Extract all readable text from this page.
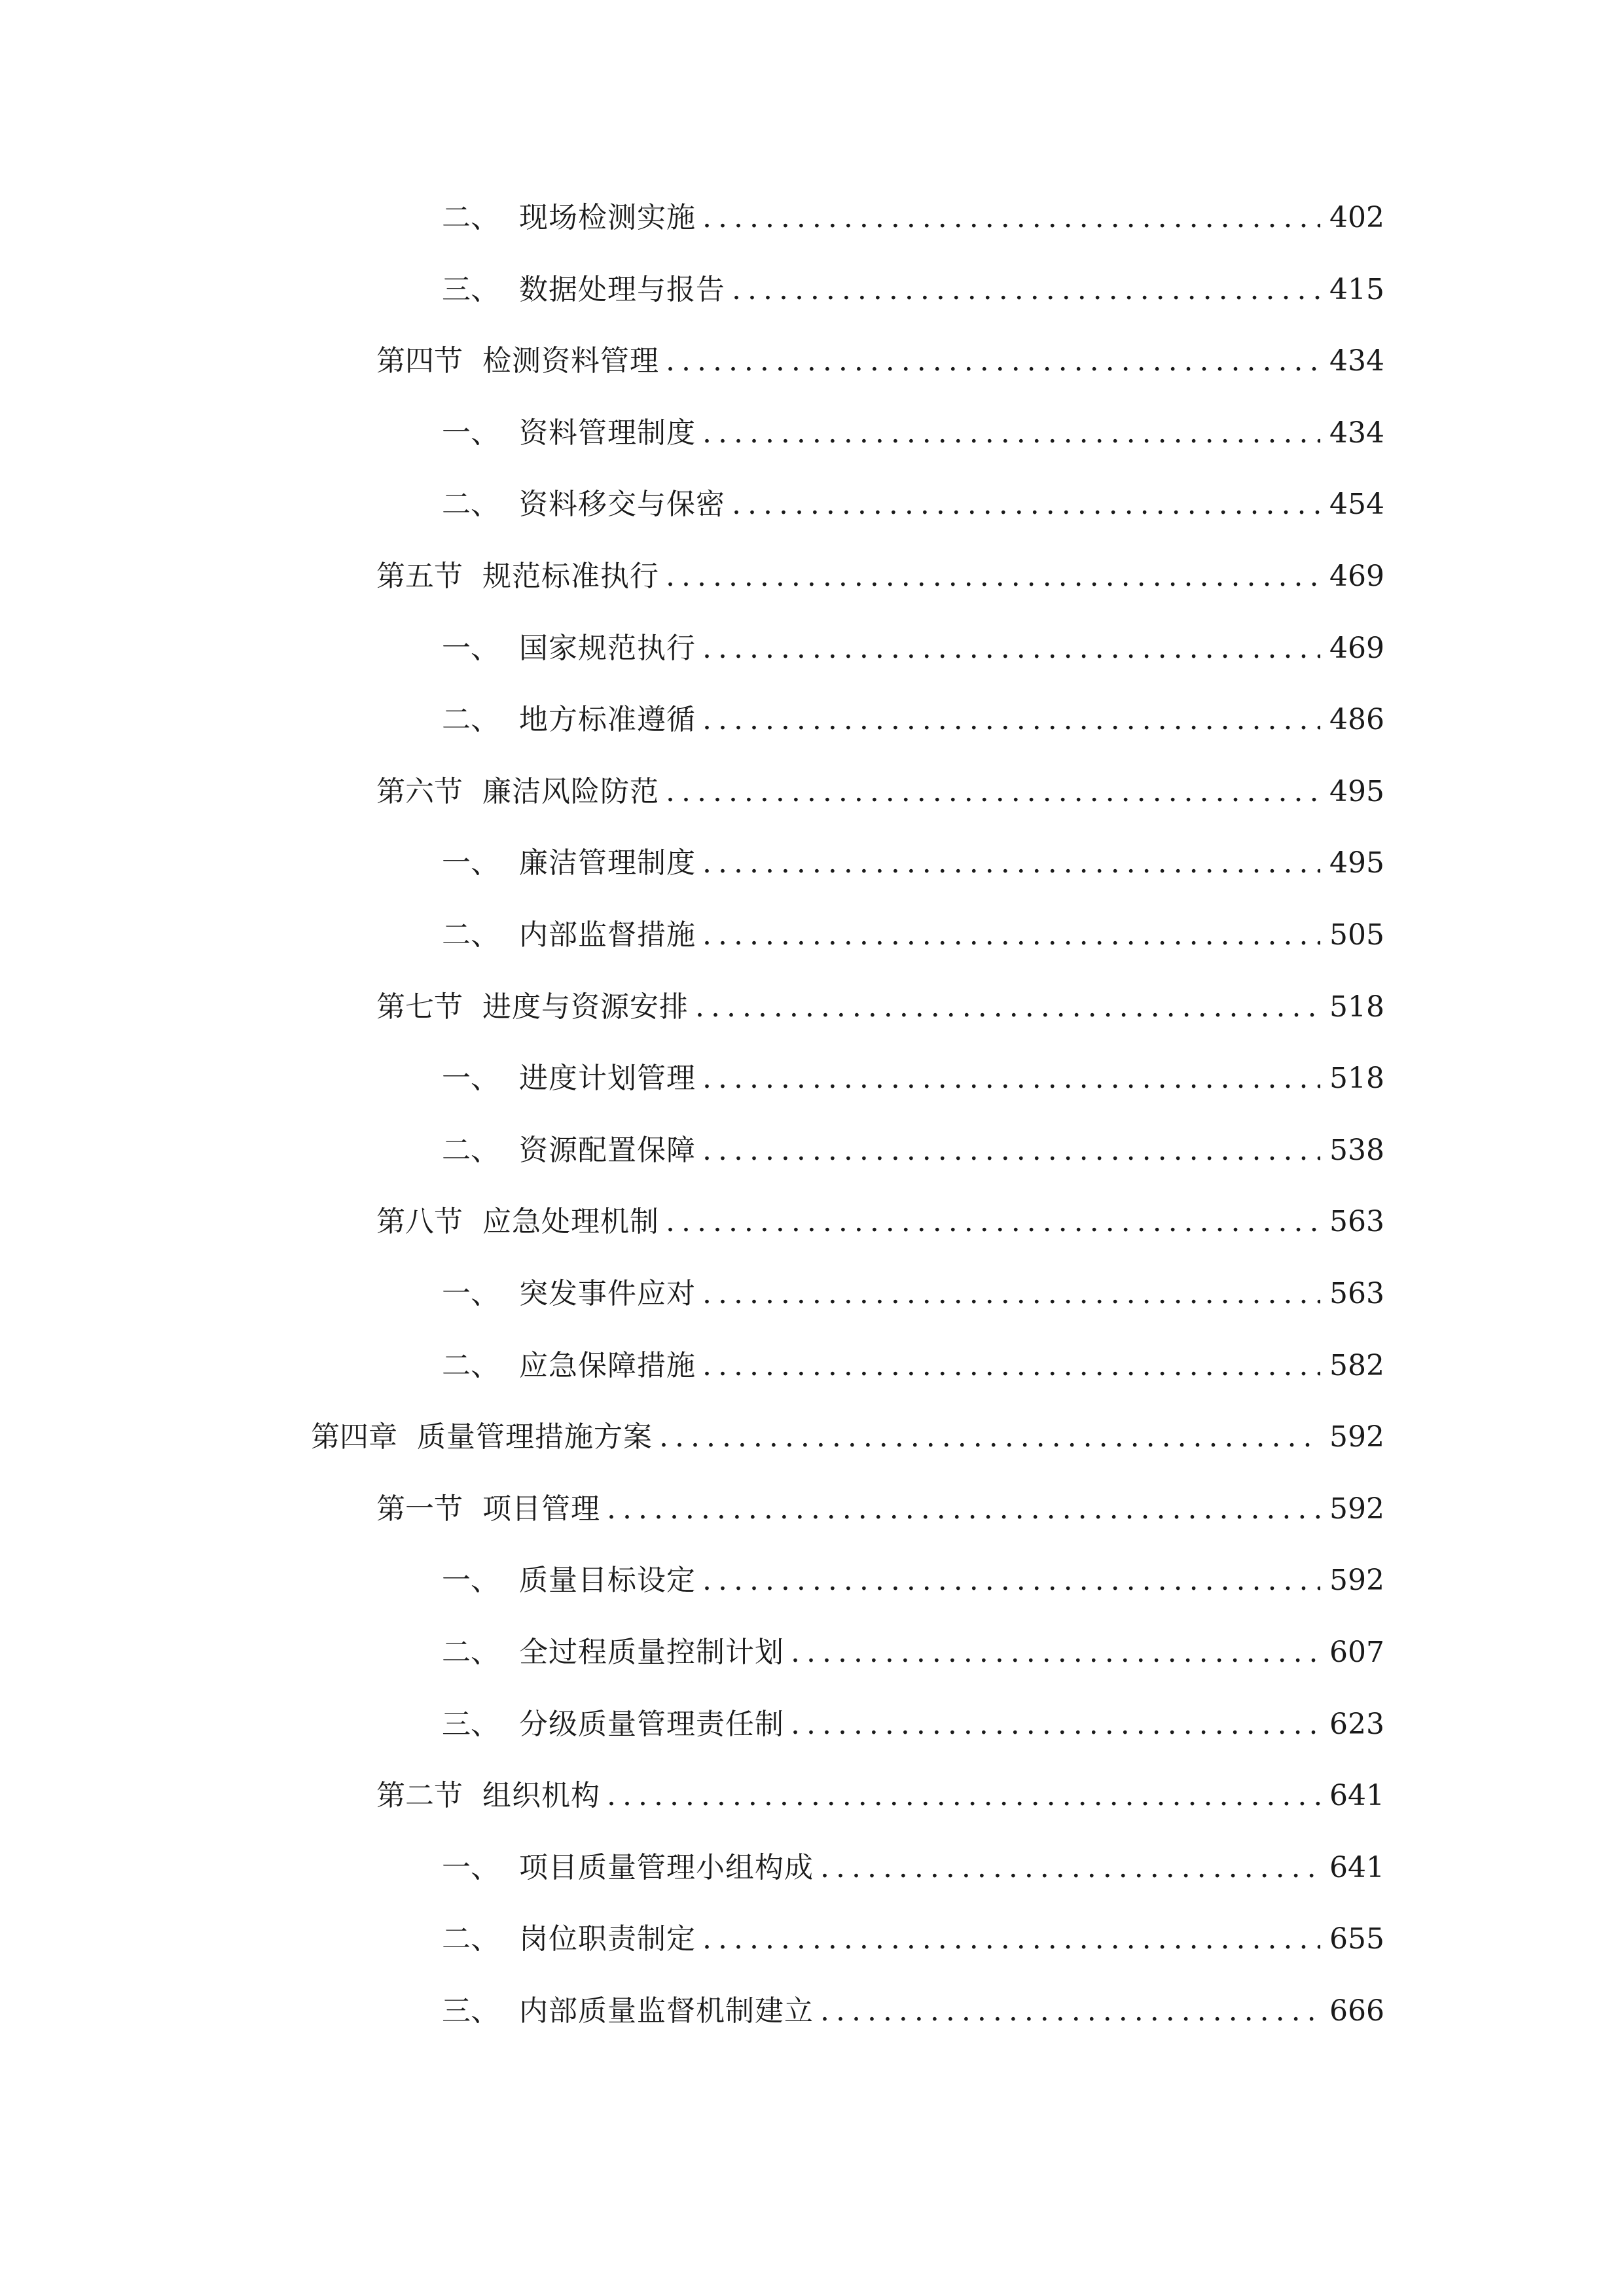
二、 现场检测实施 .....	402
三、 数据处理与报告 .....	415
第四节 检测资料管理 .....	434
一、 资料管理制度 .....	434
二、 资料移交与保密 .....	454
第五节 规范标准执行 .....	469
一、 国家规范执行 .....	469
二、 地方标准遵循 .....	486
第六节 廉洁风险防范 .....	495
一、 廉洁管理制度 .....	495
二、 内部监督措施 .....	505
第七节 进度与资源安排 .....	518
一、 进度计划管理 .....	518
二、 资源配置保障 .....	538
第八节 应急处理机制 .....	563
一、 突发事件应对 .....	563
二、 应急保障措施 .....	582
第四章 质量管理措施方案 .....	592
第一节 项目管理 .....	592
一、 质量目标设定 .....	592
二、 全过程质量控制计划 .....	607
三、 分级质量管理责任制 .....	623
第二节 组织机构 .....	641
一、 项目质量管理小组构成 .....	641
二、 岗位职责制定 .....	655
三、 内部质量监督机制建立 .....	666
